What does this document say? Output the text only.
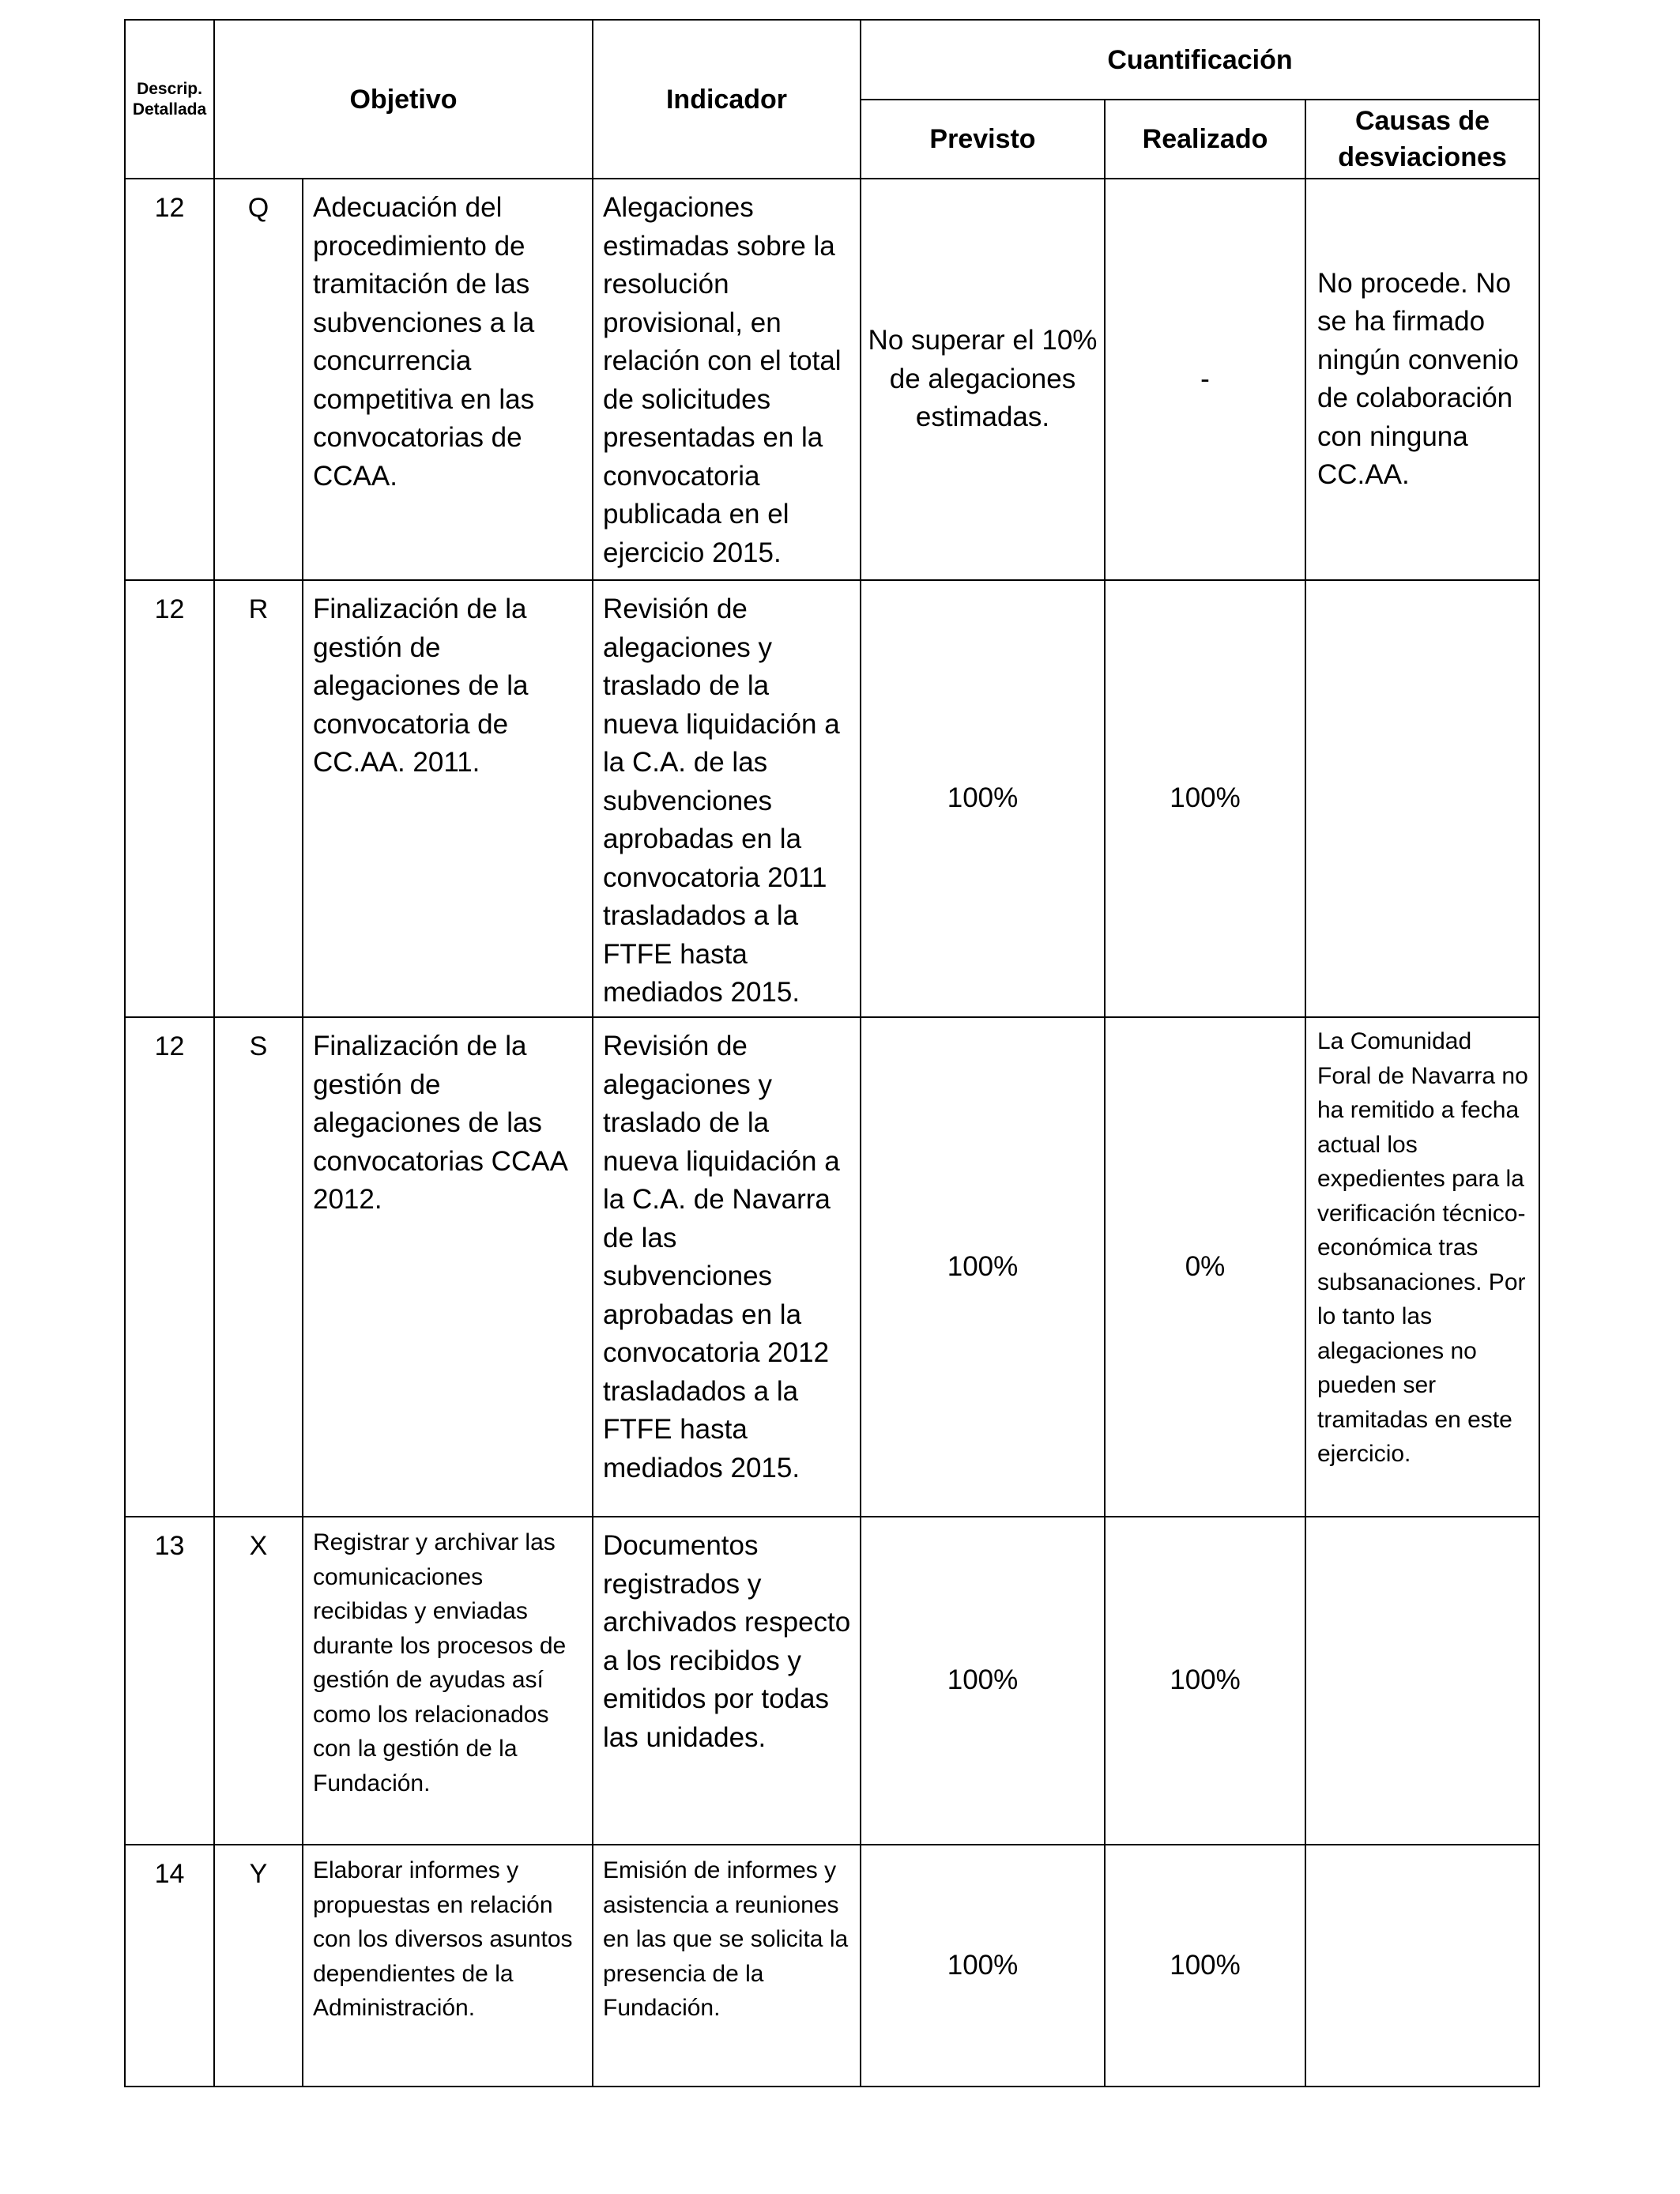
Descrip. Detallada	Objetivo		Indicador	Cuantificación		
				Previsto	Realizado	Causas de desviaciones
12	Q	Adecuación del procedimiento de tramitación de las subvenciones a la concurrencia competitiva en las convocatorias de CCAA.	Alegaciones estimadas sobre la resolución provisional, en relación con el total de solicitudes presentadas en la convocatoria publicada en el ejercicio 2015.	No superar el 10% de alegaciones estimadas.	-	No procede. No se ha firmado ningún convenio de colaboración con ninguna CC.AA.
12	R	Finalización de la gestión de alegaciones de la convocatoria de CC.AA. 2011.	Revisión de alegaciones y traslado de la nueva liquidación a la C.A. de las subvenciones aprobadas en la convocatoria 2011 trasladados a la FTFE hasta mediados 2015.	100%	100%	
12	S	Finalización de la gestión de alegaciones de las convocatorias CCAA 2012.	Revisión de alegaciones y traslado de la nueva liquidación a la C.A. de Navarra de las subvenciones aprobadas en la convocatoria 2012 trasladados a la FTFE hasta mediados 2015.	100%	0%	La Comunidad Foral de Navarra no ha remitido a fecha actual los expedientes para la verificación técnico-económica tras subsanaciones. Por lo tanto las alegaciones no pueden ser tramitadas en este ejercicio.
13	X	Registrar y archivar las comunicaciones recibidas y enviadas durante los procesos de gestión de ayudas así como los relacionados con la gestión de la Fundación.	Documentos registrados y archivados respecto a los recibidos y emitidos por todas las unidades.	100%	100%	
14	Y	Elaborar informes y propuestas en relación con los diversos asuntos dependientes de la Administración.	Emisión de informes y asistencia a reuniones en las que se solicita la presencia de la Fundación.	100%	100%	
